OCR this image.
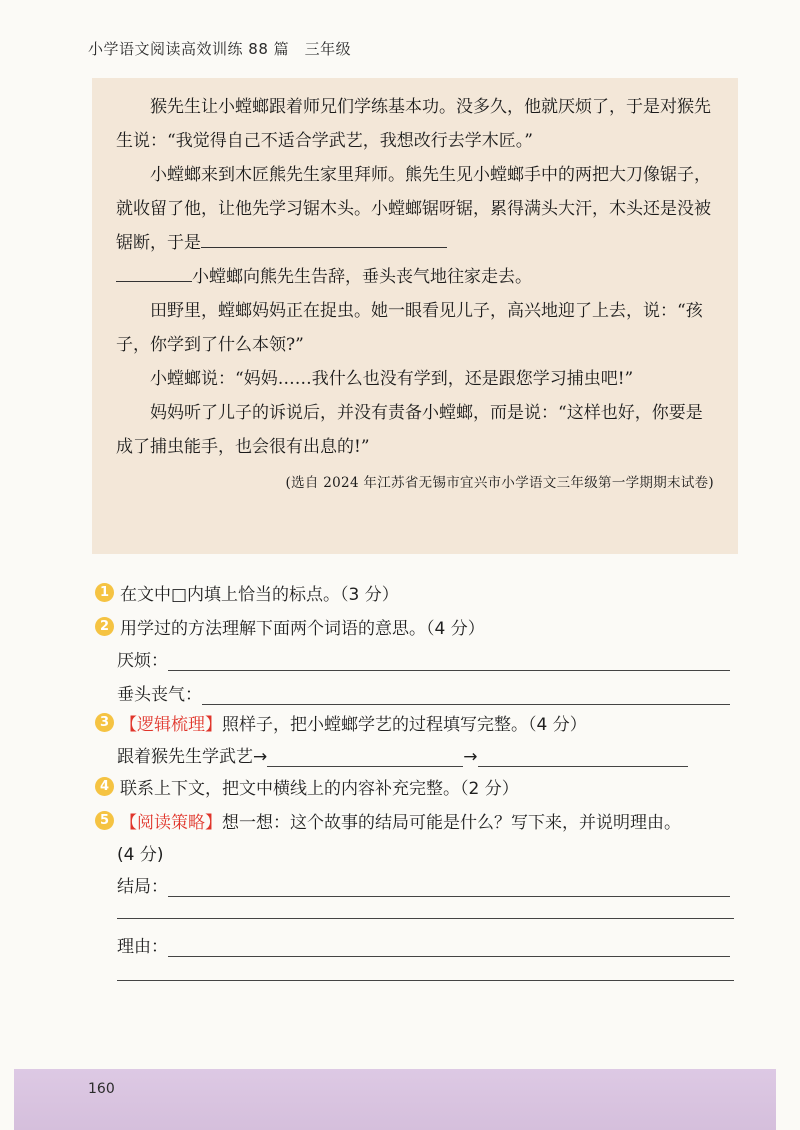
小学语文阅读高效训练 88 篇　三年级

猴先生让小螳螂跟着师兄们学练基本功。没多久，他就厌烦了，于是对猴先生说：“我觉得自己不适合学武艺，我想改行去学木匠。”

小螳螂来到木匠熊先生家里拜师。熊先生见小螳螂手中的两把大刀像锯子，就收留了他，让他先学习锯木头。小螳螂锯呀锯，累得满头大汗，木头还是没被锯断，于是

小螳螂向熊先生告辞，垂头丧气地往家走去。

田野里，螳螂妈妈正在捉虫。她一眼看见儿子，高兴地迎了上去，说：“孩子，你学到了什么本领?”

小螳螂说：“妈妈……我什么也没有学到，还是跟您学习捕虫吧!”

妈妈听了儿子的诉说后，并没有责备小螳螂，而是说：“这样也好，你要是成了捕虫能手，也会很有出息的!”

(选自 2024 年江苏省无锡市宜兴市小学语文三年级第一学期期末试卷)
1 在文中□内填上恰当的标点。（3 分）
2 用学过的方法理解下面两个词语的意思。（4 分）
厌烦：
垂头丧气：
3 【逻辑梳理】 照样子，把小螳螂学艺的过程填写完整。（4 分）
跟着猴先生学武艺→	→
4 联系上下文，把文中横线上的内容补充完整。（2 分）
5 【阅读策略】 想一想：这个故事的结局可能是什么？写下来，并说明理由。
(4 分)
结局：
理由：
160
